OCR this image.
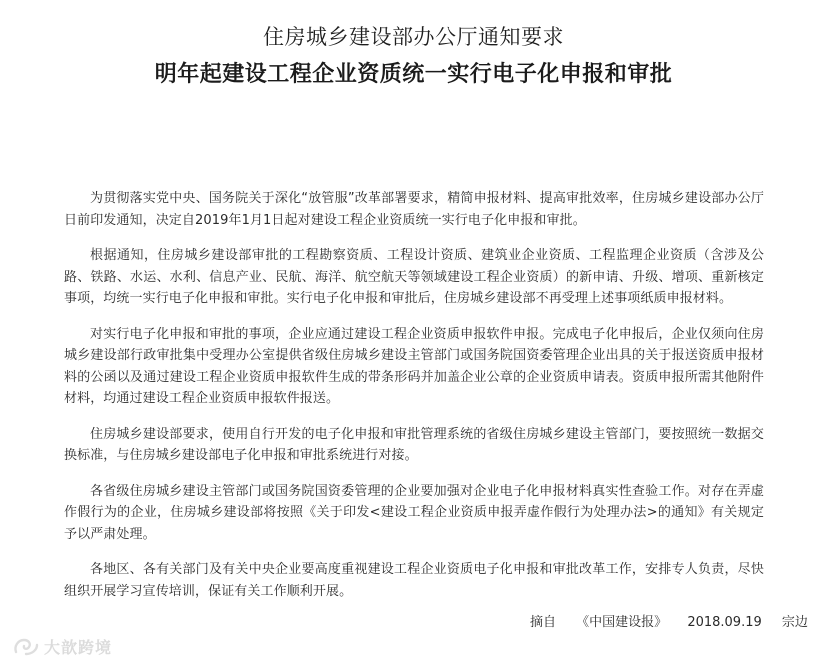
住房城乡建设部办公厅通知要求

明年起建设工程企业资质统一实行电子化申报和审批

为贯彻落实党中央、国务院关于深化“放管服”改革部署要求，精简申报材料、提高审批效率，住房城乡建设部办公厅日前印发通知，决定自2019年1月1日起对建设工程企业资质统一实行电子化申报和审批。

根据通知，住房城乡建设部审批的工程勘察资质、工程设计资质、建筑业企业资质、工程监理企业资质（含涉及公路、铁路、水运、水利、信息产业、民航、海洋、航空航天等领域建设工程企业资质）的新申请、升级、增项、重新核定事项，均统一实行电子化申报和审批。实行电子化申报和审批后，住房城乡建设部不再受理上述事项纸质申报材料。

对实行电子化申报和审批的事项，企业应通过建设工程企业资质申报软件申报。完成电子化申报后，企业仅须向住房城乡建设部行政审批集中受理办公室提供省级住房城乡建设主管部门或国务院国资委管理企业出具的关于报送资质申报材料的公函以及通过建设工程企业资质申报软件生成的带条形码并加盖企业公章的企业资质申请表。资质申报所需其他附件材料，均通过建设工程企业资质申报软件报送。

住房城乡建设部要求，使用自行开发的电子化申报和审批管理系统的省级住房城乡建设主管部门，要按照统一数据交换标准，与住房城乡建设部电子化申报和审批系统进行对接。

各省级住房城乡建设主管部门或国务院国资委管理的企业要加强对企业电子化申报材料真实性查验工作。对存在弄虚作假行为的企业，住房城乡建设部将按照《关于印发<建设工程企业资质申报弄虚作假行为处理办法>的通知》有关规定予以严肃处理。

各地区、各有关部门及有关中央企业要高度重视建设工程企业资质电子化申报和审批改革工作，安排专人负责，尽快组织开展学习宣传培训，保证有关工作顺利开展。

摘自 《中国建设报》 2018.09.19 宗边
大歆跨境
